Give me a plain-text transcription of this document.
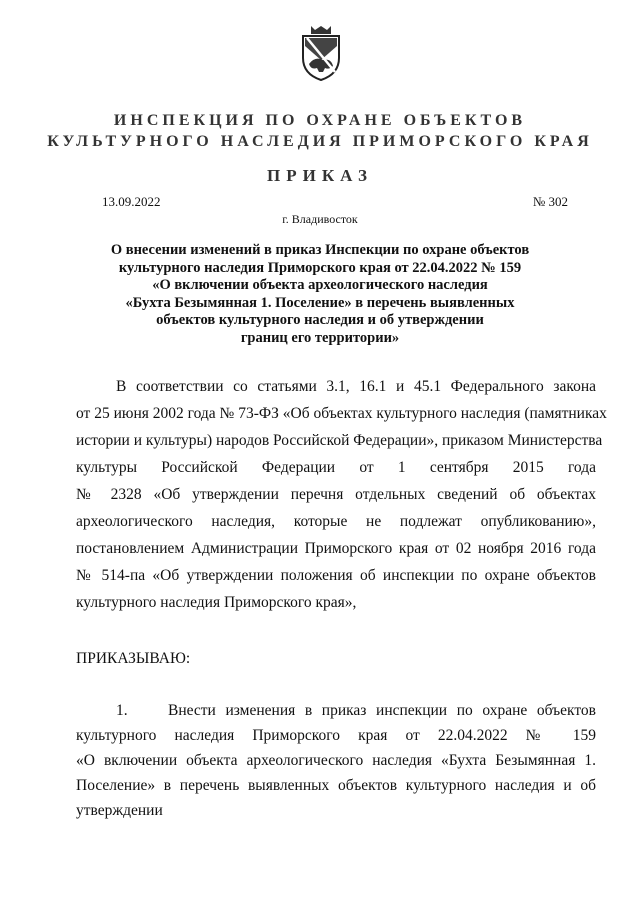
ИНСПЕКЦИЯ ПО ОХРАНЕ ОБЪЕКТОВ
КУЛЬТУРНОГО НАСЛЕДИЯ ПРИМОРСКОГО КРАЯ
ПРИКАЗ
13.09.2022	№ 302
г. Владивосток
О внесении изменений в приказ Инспекции по охране объектов
культурного наследия Приморского края от 22.04.2022 № 159
«О включении объекта археологического наследия
«Бухта Безымянная 1. Поселение» в перечень выявленных
объектов культурного наследия и об утверждении
границ его территории»
В соответствии со статьями 3.1, 16.1 и 45.1 Федерального закона
от 25 июня 2002 года № 73-ФЗ «Об объектах культурного наследия (памятниках
истории и культуры) народов Российской Федерации», приказом Министерства
культуры Российской Федерации от 1 сентября 2015 года
№ 2328 «Об утверждении перечня отдельных сведений об объектах
археологического наследия, которые не подлежат опубликованию»,
постановлением Администрации Приморского края от 02 ноября 2016 года
№ 514-па «Об утверждении положения об инспекции по охране объектов
культурного наследия Приморского края»,
ПРИКАЗЫВАЮ:
1.	Внести изменения в приказ инспекции по охране объектов
культурного наследия Приморского края от 22.04.2022 № 159
«О включении объекта археологического наследия «Бухта Безымянная 1.
Поселение» в перечень выявленных объектов культурного наследия и об
утверждении
